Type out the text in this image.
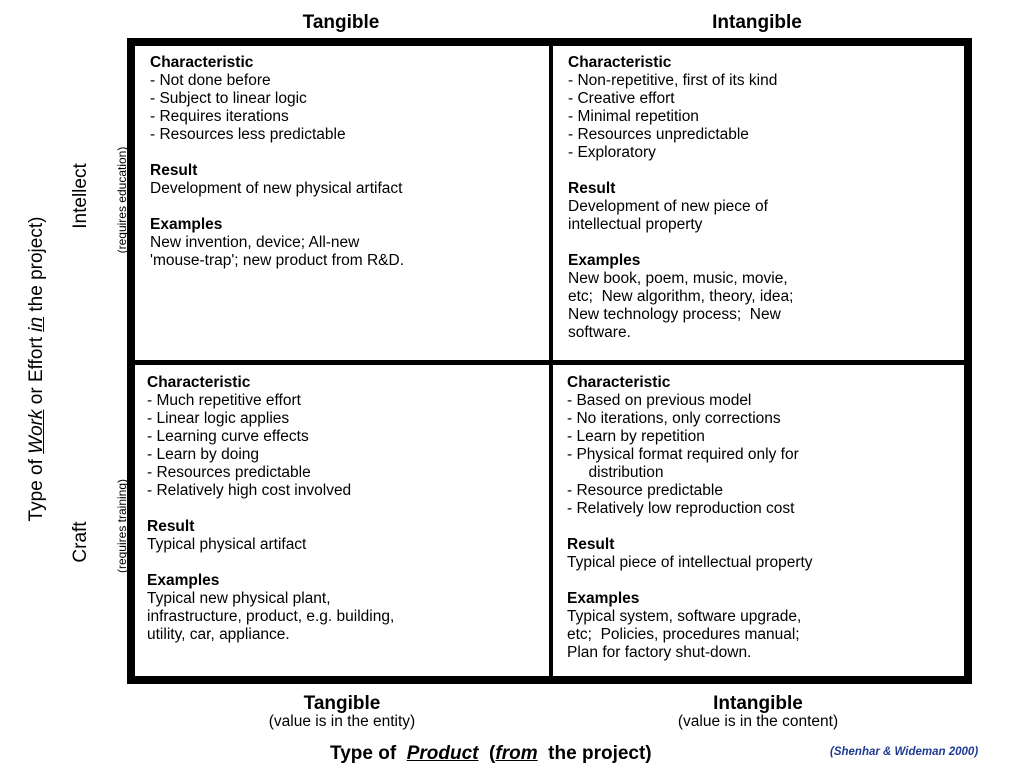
Tangible	Intangible
Type of Work or Effort in the project)
Intellect (requires education)
Craft (requires training)
Characteristic
- Not done before
- Subject to linear logic
- Requires iterations
- Resources less predictable
Result
Development of new physical artifact
Examples
New invention, device; All-new
'mouse-trap'; new product from R&D.
Characteristic
- Non-repetitive, first of its kind
- Creative effort
- Minimal repetition
- Resources unpredictable
- Exploratory
Result
Development of new piece of
intellectual property
Examples
New book, poem, music, movie,
etc;  New algorithm, theory, idea;
New technology process;  New
software.
Characteristic
- Much repetitive effort
- Linear logic applies
- Learning curve effects
- Learn by doing
- Resources predictable
- Relatively high cost involved
Result
Typical physical artifact
Examples
Typical new physical plant,
infrastructure, product, e.g. building,
utility, car, appliance.
Characteristic
- Based on previous model
- No iterations, only corrections
- Learn by repetition
- Physical format required only for
distribution
- Resource predictable
- Relatively low reproduction cost
Result
Typical piece of intellectual property
Examples
Typical system, software upgrade,
etc;  Policies, procedures manual;
Plan for factory shut-down.
Tangible
(value is in the entity)
Intangible
(value is in the content)
Type of  Product  (from  the project)	(Shenhar & Wideman 2000)
